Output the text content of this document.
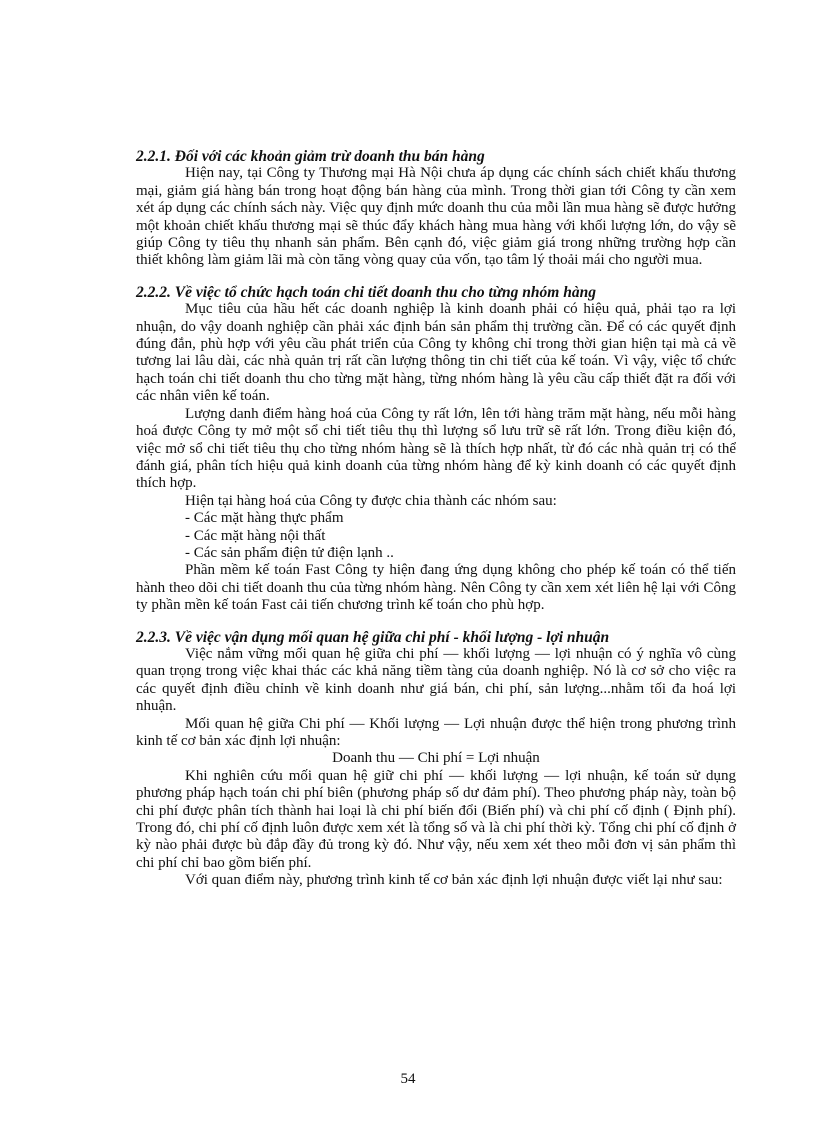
2.2.1. Đối với các khoản giảm trừ doanh thu bán hàng

Hiện nay, tại Công ty Thương mại Hà Nội chưa áp dụng các chính sách chiết khấu thương mại, giảm giá hàng bán trong hoạt động bán hàng của mình. Trong thời gian tới Công ty cần xem xét áp dụng các chính sách này. Việc quy định mức doanh thu của mỗi lần mua hàng sẽ được hưởng một khoản chiết khấu thương mại sẽ thúc đẩy khách hàng mua hàng với khối lượng lớn, do vậy sẽ giúp Công ty tiêu thụ nhanh sản phẩm. Bên cạnh đó, việc giảm giá trong những trường hợp cần thiết không làm giảm lãi mà còn tăng vòng quay của vốn, tạo tâm lý thoải mái cho người mua.

2.2.2. Về việc tổ chức hạch toán chi tiết doanh thu cho từng nhóm hàng

Mục tiêu của hầu hết các doanh nghiệp là kinh doanh phải có hiệu quả, phải tạo ra lợi nhuận, do vậy doanh nghiệp cần phải xác định bán sản phẩm thị trường cần. Để có các quyết định đúng đắn, phù hợp với yêu cầu phát triển của Công ty không chỉ trong thời gian hiện tại mà cả về tương lai lâu dài, các nhà quản trị rất cần lượng thông tin chi tiết của kế toán. Vì vậy, việc tổ chức hạch toán chi tiết doanh thu cho từng mặt hàng, từng nhóm hàng là yêu cầu cấp thiết đặt ra đối với các nhân viên kế toán.

Lượng danh điểm hàng hoá của Công ty rất lớn, lên tới hàng trăm mặt hàng, nếu mỗi hàng hoá được Công ty mở một sổ chi tiết tiêu thụ thì lượng sổ lưu trữ sẽ rất lớn. Trong điều kiện đó, việc mở sổ chi tiết tiêu thụ cho từng nhóm hàng sẽ là thích hợp nhất, từ đó các nhà quản trị có thể đánh giá, phân tích hiệu quả kinh doanh của từng nhóm hàng để kỳ kinh doanh có các quyết định thích hợp.

Hiện tại hàng hoá của Công ty được chia thành các nhóm sau:

- Các mặt hàng thực phẩm

- Các mặt hàng nội thất

- Các sản phẩm điện tử điện lạnh ..

Phần mềm kế toán Fast Công ty hiện đang ứng dụng không cho phép kế toán có thể tiến hành theo dõi chi tiết doanh thu của từng nhóm hàng. Nên Công ty cần xem xét liên hệ lại với Công ty phần mền kế toán Fast cải tiến chương trình kế toán cho phù hợp.

2.2.3. Về việc vận dụng mối quan hệ giữa chi phí - khối lượng - lợi nhuận

Việc nắm vững mối quan hệ giữa chi phí — khối lượng — lợi nhuận có ý nghĩa vô cùng quan trọng trong việc khai thác các khả năng tiềm tàng của doanh nghiệp. Nó là cơ sở cho việc ra các quyết định điều chỉnh về kinh doanh như giá bán, chi phí, sản lượng...nhằm tối đa hoá lợi nhuận.

Mối quan hệ giữa Chi phí — Khối lượng — Lợi nhuận được thể hiện trong phương trình kinh tế cơ bản xác định lợi nhuận:

Doanh thu — Chi phí = Lợi nhuận

Khi nghiên cứu mối quan hệ giữ chi phí — khối lượng — lợi nhuận, kế toán sử dụng phương pháp hạch toán chi phí biên (phương pháp số dư đảm phí). Theo phương pháp này, toàn bộ chi phí được phân tích thành hai loại là chi phí biến đổi (Biến phí) và chi phí cố định ( Định phí). Trong đó, chi phí cố định luôn được xem xét là tổng số và là chi phí thời kỳ. Tổng chi phí cố định ở kỳ nào phải được bù đắp đầy đủ trong kỳ đó. Như vậy, nếu xem xét theo mỗi đơn vị sản phẩm thì chi phí chỉ bao gồm biến phí.

Với quan điểm này, phương trình kinh tế cơ bản xác định lợi nhuận được viết lại như sau:

54
